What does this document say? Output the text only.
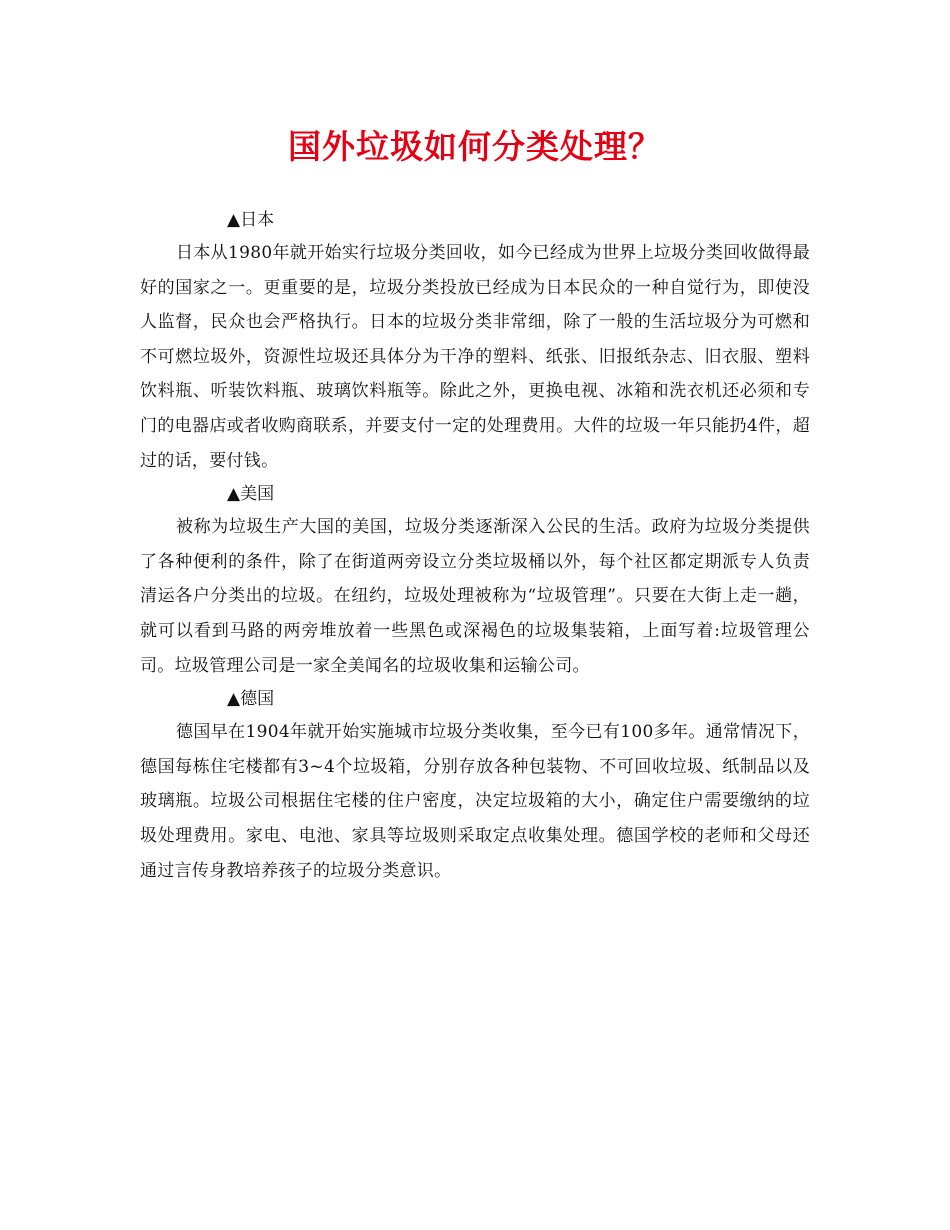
国外垃圾如何分类处理？

▲日本

日本从1980年就开始实行垃圾分类回收，如今已经成为世界上垃圾分类回收做得最好的国家之一。更重要的是，垃圾分类投放已经成为日本民众的一种自觉行为，即使没人监督，民众也会严格执行。日本的垃圾分类非常细，除了一般的生活垃圾分为可燃和不可燃垃圾外，资源性垃圾还具体分为干净的塑料、纸张、旧报纸杂志、旧衣服、塑料饮料瓶、听装饮料瓶、玻璃饮料瓶等。除此之外，更换电视、冰箱和洗衣机还必须和专门的电器店或者收购商联系，并要支付一定的处理费用。大件的垃圾一年只能扔4件，超过的话，要付钱。

▲美国

被称为垃圾生产大国的美国，垃圾分类逐渐深入公民的生活。政府为垃圾分类提供了各种便利的条件，除了在街道两旁设立分类垃圾桶以外，每个社区都定期派专人负责清运各户分类出的垃圾。在纽约，垃圾处理被称为“垃圾管理”。只要在大街上走一趟，就可以看到马路的两旁堆放着一些黑色或深褐色的垃圾集装箱，上面写着:垃圾管理公司。垃圾管理公司是一家全美闻名的垃圾收集和运输公司。

▲德国

德国早在1904年就开始实施城市垃圾分类收集，至今已有100多年。通常情况下，德国每栋住宅楼都有3~4个垃圾箱，分别存放各种包装物、不可回收垃圾、纸制品以及玻璃瓶。垃圾公司根据住宅楼的住户密度，决定垃圾箱的大小，确定住户需要缴纳的垃圾处理费用。家电、电池、家具等垃圾则采取定点收集处理。德国学校的老师和父母还通过言传身教培养孩子的垃圾分类意识。
